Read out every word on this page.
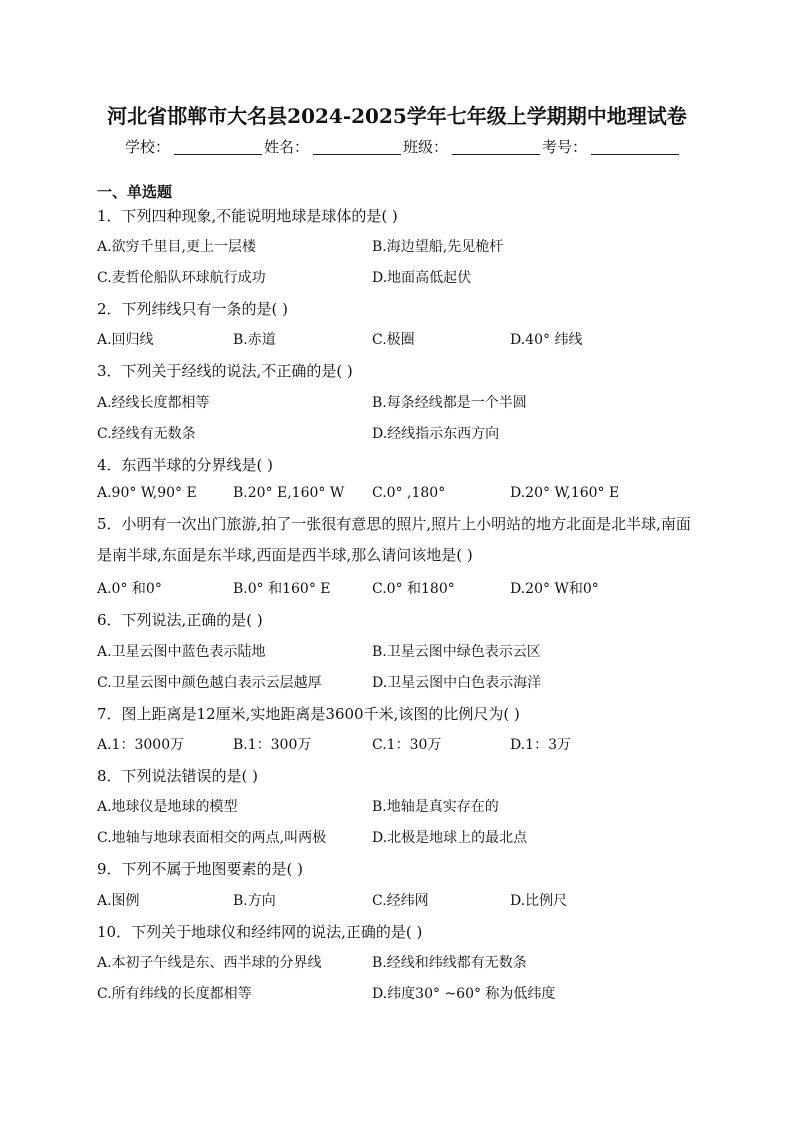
河北省邯郸市大名县2024-2025学年七年级上学期期中地理试卷
学校：	姓名：	班级：	考号：
一、单选题
1．下列四种现象,不能说明地球是球体的是( )
A.欲穷千里目,更上一层楼	B.海边望船,先见桅杆
C.麦哲伦船队环球航行成功	D.地面高低起伏
2．下列纬线只有一条的是( )
A.回归线	B.赤道	C.极圈	D.40° 纬线
3．下列关于经线的说法,不正确的是( )
A.经线长度都相等	B.每条经线都是一个半圆
C.经线有无数条	D.经线指示东西方向
4．东西半球的分界线是( )
A.90° W,90° E	B.20° E,160° W C.0° ,180°	D.20° W,160° E
5．小明有一次出门旅游,拍了一张很有意思的照片,照片上小明站的地方北面是北半球,南面是南半球,东面是东半球,西面是西半球,那么请问该地是( )
A.0° 和0°	B.0° 和160° E	C.0° 和180°	D.20° W和0°
6．下列说法,正确的是( )
A.卫星云图中蓝色表示陆地	B.卫星云图中绿色表示云区
C.卫星云图中颜色越白表示云层越厚	D.卫星云图中白色表示海洋
7．图上距离是12厘米,实地距离是3600千米,该图的比例尺为( )
A.1：3000万	B.1：300万	C.1：30万	D.1：3万
8．下列说法错误的是( )
A.地球仪是地球的模型	B.地轴是真实存在的
C.地轴与地球表面相交的两点,叫两极	D.北极是地球上的最北点
9．下列不属于地图要素的是( )
A.图例	B.方向	C.经纬网	D.比例尺
10．下列关于地球仪和经纬网的说法,正确的是( )
A.本初子午线是东、西半球的分界线	B.经线和纬线都有无数条
C.所有纬线的长度都相等	D.纬度30° ~60° 称为低纬度
